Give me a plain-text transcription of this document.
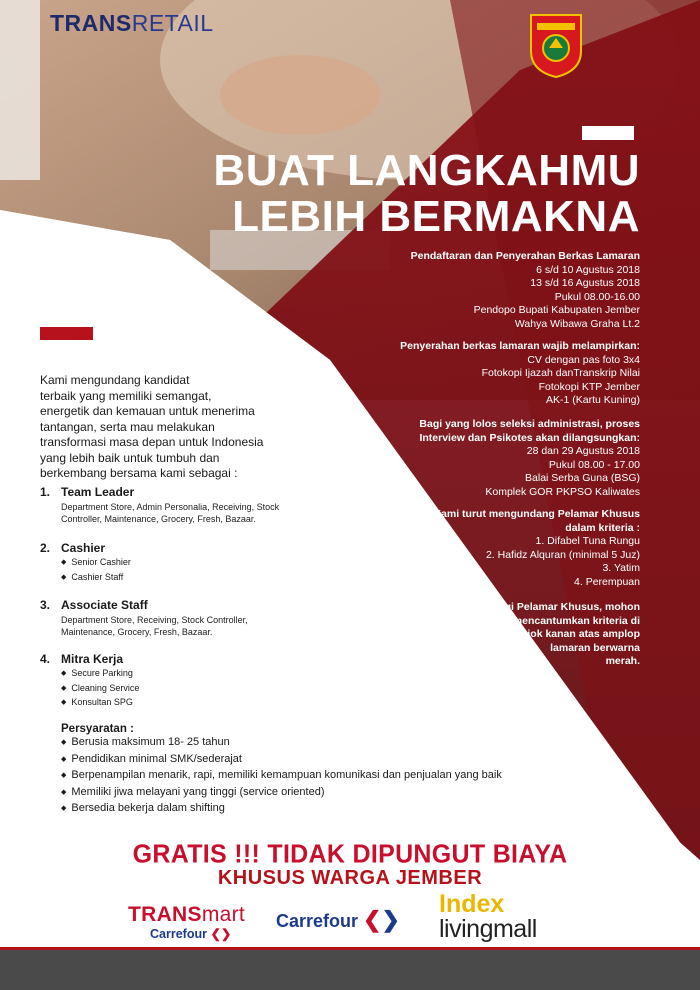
TRANSRETAIL
BUAT LANGKAHMU
LEBIH BERMAKNA
Pendaftaran dan Penyerahan Berkas Lamaran
6 s/d 10 Agustus 2018
13 s/d 16 Agustus 2018
Pukul 08.00-16.00
Pendopo Bupati Kabupaten Jember
Wahya Wibawa Graha Lt.2
Penyerahan berkas lamaran wajib melampirkan:
CV dengan pas foto 3x4
Fotokopi Ijazah danTranskrip Nilai
Fotokopi KTP Jember
AK-1 (Kartu Kuning)
Bagi yang lolos seleksi administrasi, proses
Interview dan Psikotes akan dilangsungkan:
28 dan 29 Agustus 2018
Pukul 08.00 - 17.00
Balai Serba Guna (BSG)
Komplek GOR PKPSO Kaliwates
Kami turut mengundang Pelamar Khusus
dalam kriteria :
1. Difabel Tuna Rungu
2. Hafidz Alquran (minimal 5 Juz)
3. Yatim
4. Perempuan
Bagi Pelamar Khusus, mohon
mencantumkan kriteria di
pojok kanan atas amplop
lamaran berwarna
merah.
Kami mengundang kandidat
terbaik yang memiliki semangat,
energetik dan kemauan untuk menerima
tantangan, serta mau melakukan
transformasi masa depan untuk Indonesia
yang lebih baik untuk tumbuh dan
berkembang bersama kami sebagai :
1. Team Leader
Department Store, Admin Personalia, Receiving, Stock Controller, Maintenance, Grocery, Fresh, Bazaar.
2. Cashier
◆ Senior Cashier
◆ Cashier Staff
3. Associate Staff
Department Store, Receiving, Stock Controller, Maintenance, Grocery, Fresh, Bazaar.
4. Mitra Kerja
◆ Secure Parking
◆ Cleaning Service
◆ Konsultan SPG
Persyaratan :
◆ Berusia maksimum 18- 25 tahun
◆ Pendidikan minimal SMK/sederajat
◆ Berpenampilan menarik, rapi, memiliki kemampuan komunikasi dan penjualan yang baik
◆ Memiliki jiwa melayani yang tinggi (service oriented)
◆ Bersedia bekerja dalam shifting
GRATIS !!! TIDAK DIPUNGUT BIAYA
KHUSUS WARGA JEMBER
TRANSmart
Carrefour ❮❯
Carrefour ❮❯
Index
livingmall
